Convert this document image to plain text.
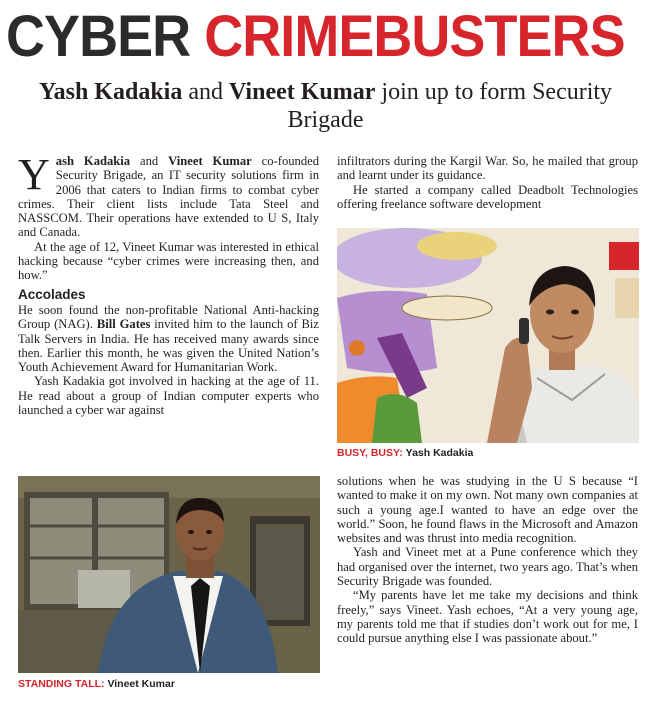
CYBER CRIMEBUSTERS
Yash Kadakia and Vineet Kumar join up to form Security Brigade
Y ash Kadakia and Vineet Kumar co-founded Security Brigade, an IT security solutions firm in 2006 that caters to Indian firms to combat cyber crimes. Their client lists include Tata Steel and NASSCOM. Their operations have extended to U S, Italy and Canada.

At the age of 12, Vineet Kumar was interested in ethical hacking because “cyber crimes were increasing then, and how.”

Accolades

He soon found the non-profitable National Anti-hacking Group (NAG). Bill Gates invited him to the launch of Biz Talk Servers in India. He has received many awards since then. Earlier this month, he was given the United Nation’s Youth Achievement Award for Humanitarian Work.

Yash Kadakia got involved in hacking at the age of 11. He read about a group of Indian computer experts who launched a cyber war against

infiltrators during the Kargil War. So, he mailed that group and learnt under its guidance.

He started a company called Deadbolt Technologies offering freelance software development

BUSY, BUSY: Yash Kadakia
STANDING TALL: Vineet Kumar

solutions when he was studying in the U S because “I wanted to make it on my own. Not many own companies at such a young age.I wanted to have an edge over the world.” Soon, he found flaws in the Microsoft and Amazon websites and was thrust into media recognition.

Yash and Vineet met at a Pune conference which they had organised over the internet, two years ago. That’s when Security Brigade was founded.

“My parents have let me take my decisions and think freely,” says Vineet. Yash echoes, “At a very young age, my parents told me that if studies don’t work out for me, I could pursue anything else I was passionate about.”
